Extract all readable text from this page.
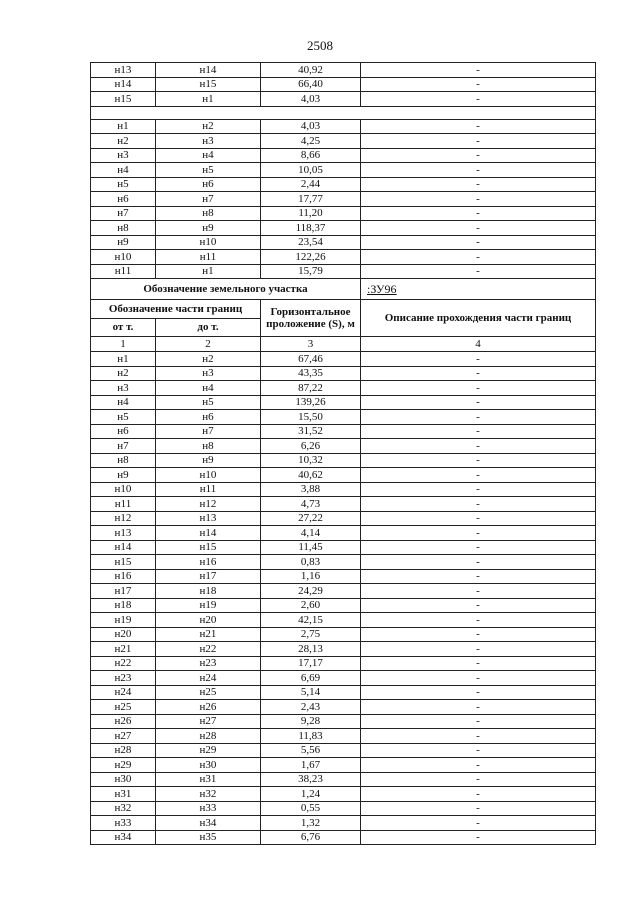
2508
н13	н14	40,92	-
н14	н15	66,40	-
н15	н1	4,03	-

н1	н2	4,03	-
н2	н3	4,25	-
н3	н4	8,66	-
н4	н5	10,05	-
н5	н6	2,44	-
н6	н7	17,77	-
н7	н8	11,20	-
н8	н9	118,37	-
н9	н10	23,54	-
н10	н11	122,26	-
н11	н1	15,79	-
Обозначение земельного участка			:ЗУ96
Обозначение части границ		Горизонтальное проложение (S), м	Описание прохождения части границ
от т.	до т.		
1	2	3	4
н1	н2	67,46	-
н2	н3	43,35	-
н3	н4	87,22	-
н4	н5	139,26	-
н5	н6	15,50	-
н6	н7	31,52	-
н7	н8	6,26	-
н8	н9	10,32	-
н9	н10	40,62	-
н10	н11	3,88	-
н11	н12	4,73	-
н12	н13	27,22	-
н13	н14	4,14	-
н14	н15	11,45	-
н15	н16	0,83	-
н16	н17	1,16	-
н17	н18	24,29	-
н18	н19	2,60	-
н19	н20	42,15	-
н20	н21	2,75	-
н21	н22	28,13	-
н22	н23	17,17	-
н23	н24	6,69	-
н24	н25	5,14	-
н25	н26	2,43	-
н26	н27	9,28	-
н27	н28	11,83	-
н28	н29	5,56	-
н29	н30	1,67	-
н30	н31	38,23	-
н31	н32	1,24	-
н32	н33	0,55	-
н33	н34	1,32	-
н34	н35	6,76	-
